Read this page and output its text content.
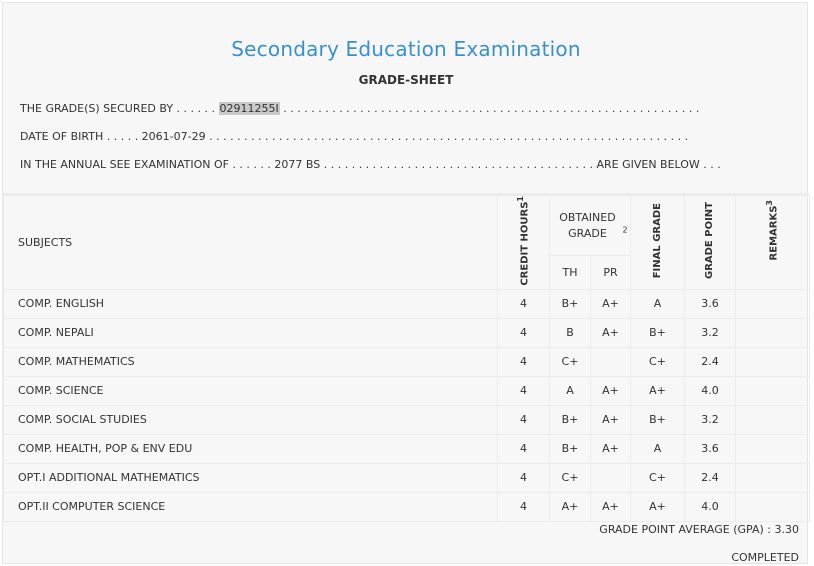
Secondary Education Examination
GRADE-SHEET
THE GRADE(S) SECURED BY . . . . . . 02911255I . . . . . . . . . . . . . . . . . . . . . . . . . . . . . . . . . . . . . . . . . . . . . . . . . . . . . . . . . . . .
DATE OF BIRTH . . . . . 2061-07-29 . . . . . . . . . . . . . . . . . . . . . . . . . . . . . . . . . . . . . . . . . . . . . . . . . . . . . . . . . . . . . . . . . . . . .
IN THE ANNUAL SEE EXAMINATION OF . . . . . . 2077 BS . . . . . . . . . . . . . . . . . . . . . . . . . . . . . . . . . . . . . . . ARE GIVEN BELOW . . .
SUBJECTS	CREDIT HOURS$^1$	OBTAINED GRADE $^2$		FINAL GRADE	GRADE POINT	REMARKS$^3$
		TH	PR			
COMP. ENGLISH	4	B+	A+	A	3.6	
COMP. NEPALI	4	B	A+	B+	3.2	
COMP. MATHEMATICS	4	C+		C+	2.4	
COMP. SCIENCE	4	A	A+	A+	4.0	
COMP. SOCIAL STUDIES	4	B+	A+	B+	3.2	
COMP. HEALTH, POP & ENV EDU	4	B+	A+	A	3.6	
OPT.I ADDITIONAL MATHEMATICS	4	C+		C+	2.4	
OPT.II COMPUTER SCIENCE	4	A+	A+	A+	4.0	
GRADE POINT AVERAGE (GPA) : 3.30
COMPLETED
